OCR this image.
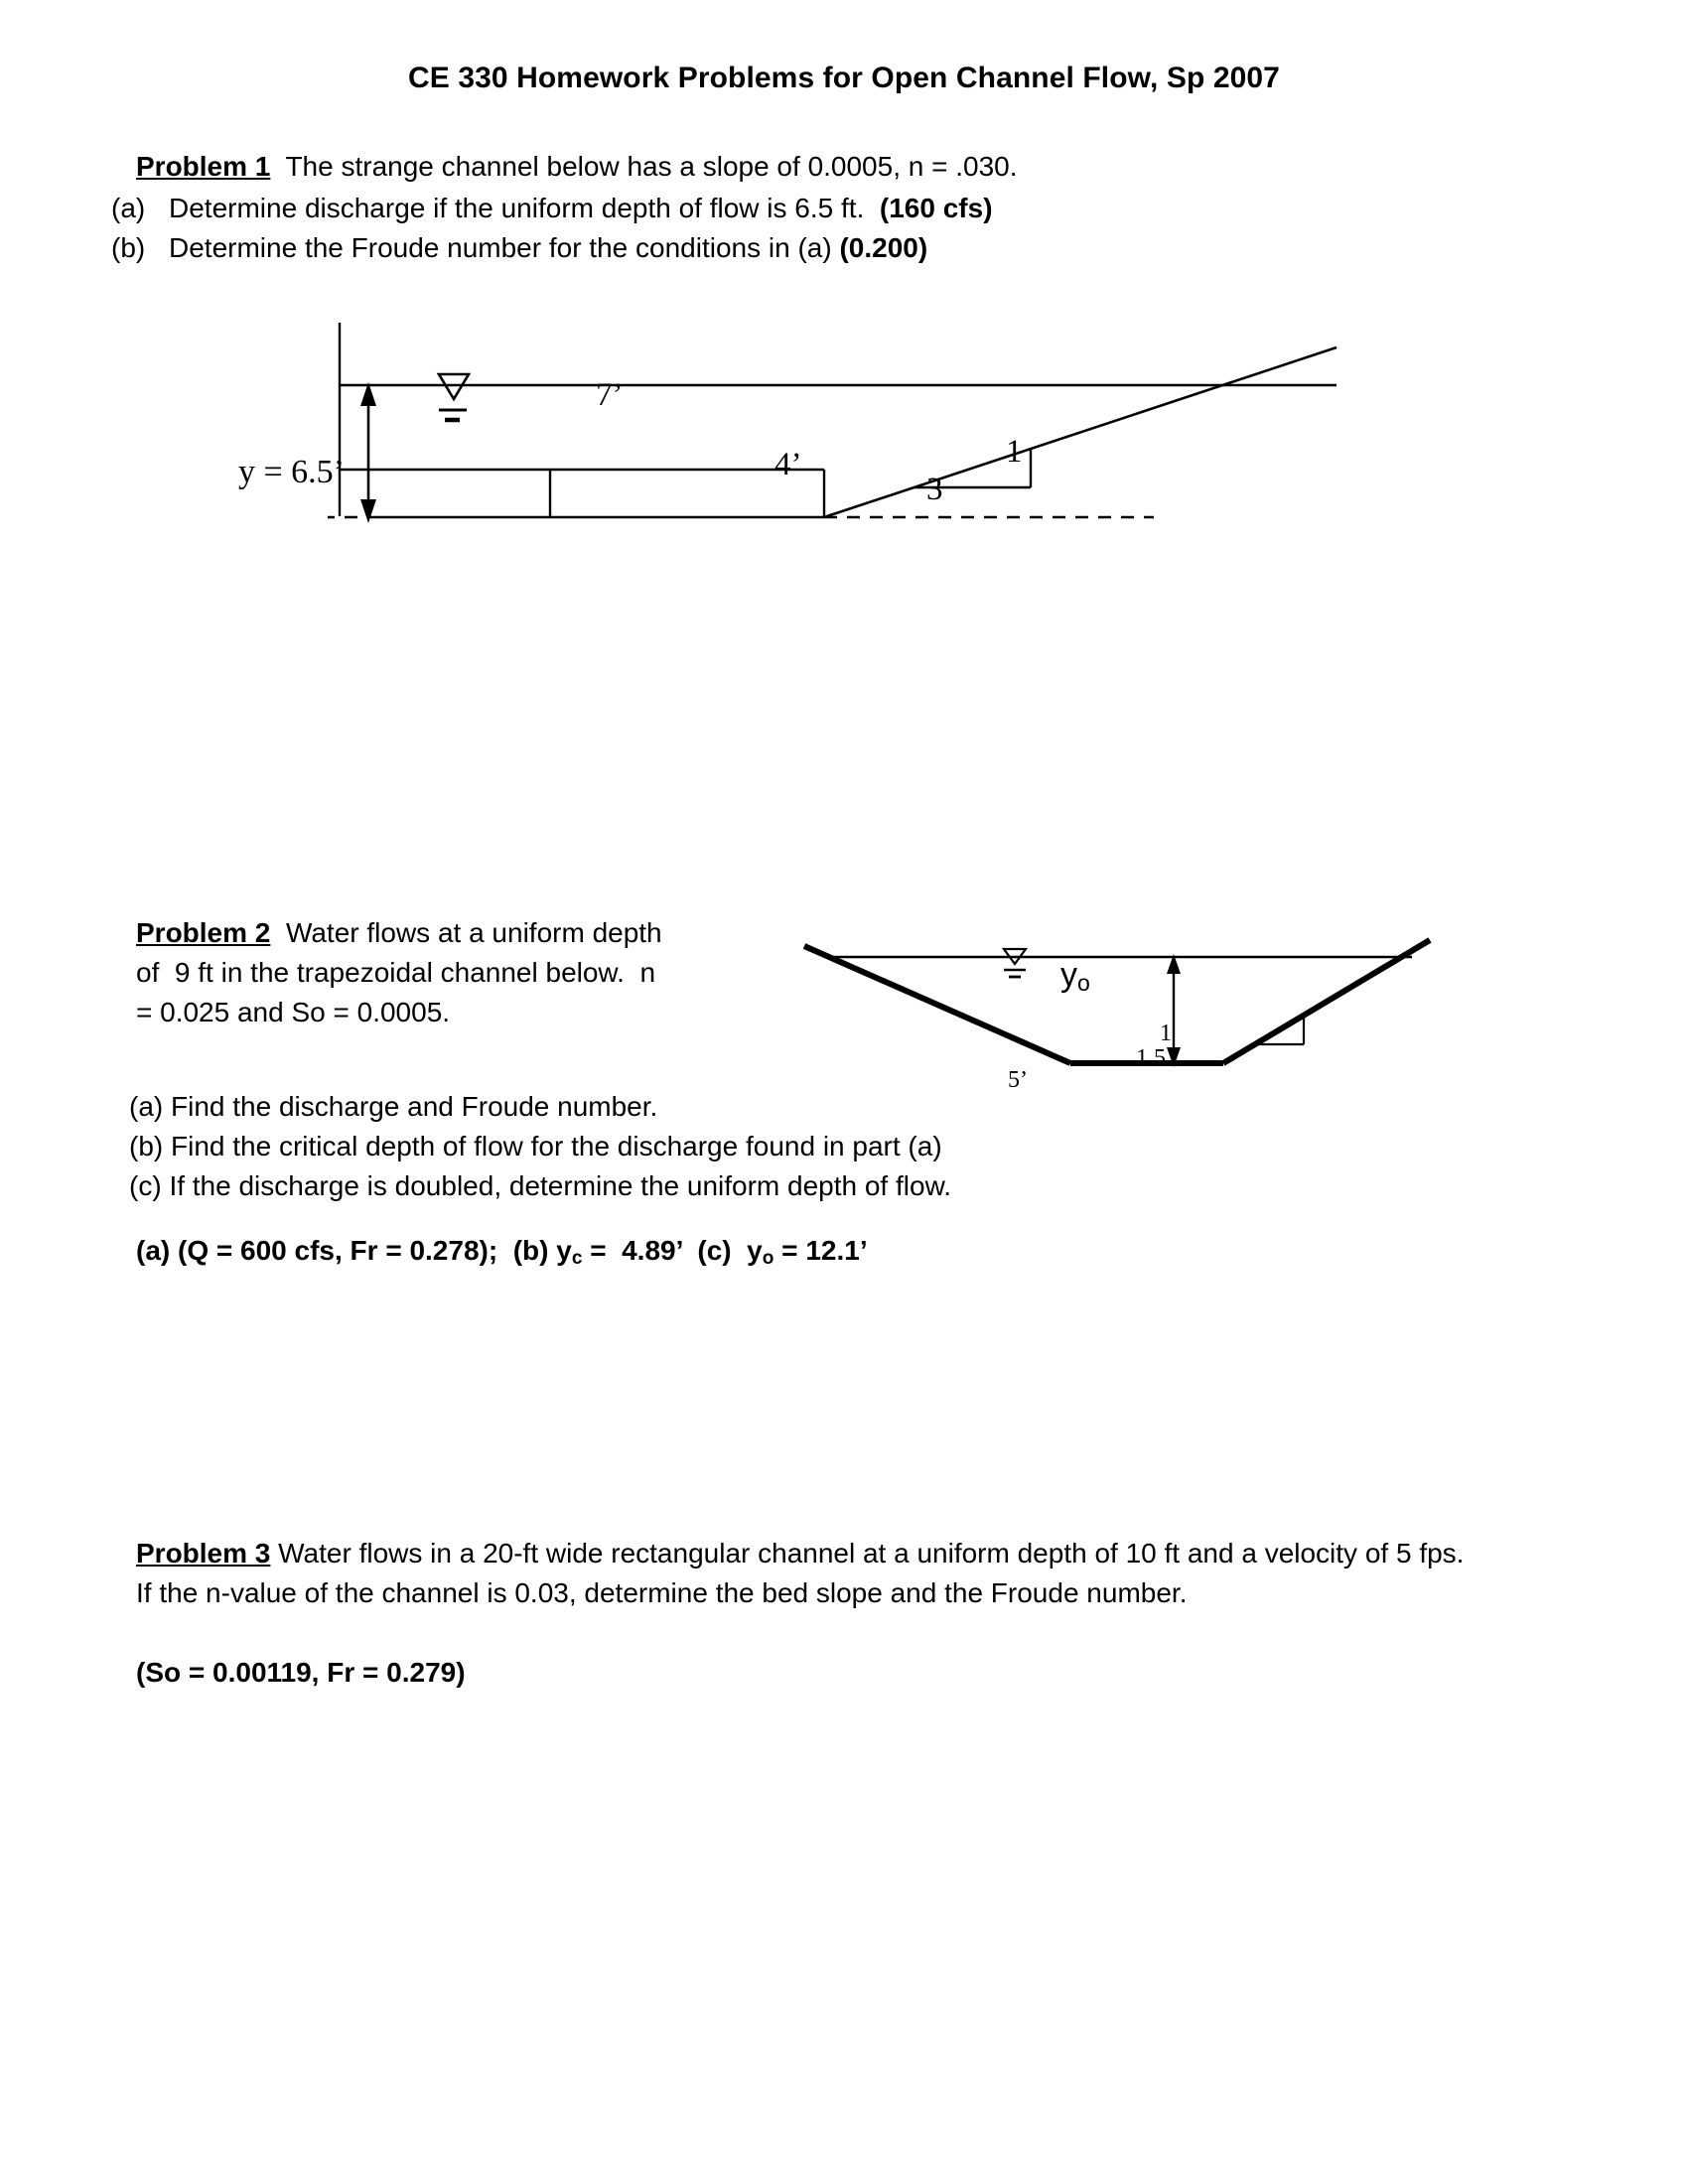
CE 330 Homework Problems for Open Channel Flow, Sp 2007
Problem 1  The strange channel below has a slope of 0.0005, n = .030.
(a) Determine discharge if the uniform depth of flow is 6.5 ft.  (160 cfs)
(b) Determine the Froude number for the conditions in (a) (0.200)
y = 6.5’
7’
4’	1
3
Problem 2  Water flows at a uniform depth
of  9 ft in the trapezoidal channel below.  n
= 0.025 and So = 0.0005.
(a) Find the discharge and Froude number.
(b) Find the critical depth of flow for the discharge found in part (a)
(c) If the discharge is doubled, determine the uniform depth of flow.
(a) (Q = 600 cfs, Fr = 0.278);  (b) $y_c = 4.89$’  (c)  $y_o = 12.1$’
$y_o$
5’
1
1.5
Problem 3 Water flows in a 20-ft wide rectangular channel at a uniform depth of 10 ft and a velocity of 5 fps. If the n-value of the channel is 0.03, determine the bed slope and the Froude number.
(So = 0.00119, Fr = 0.279)
